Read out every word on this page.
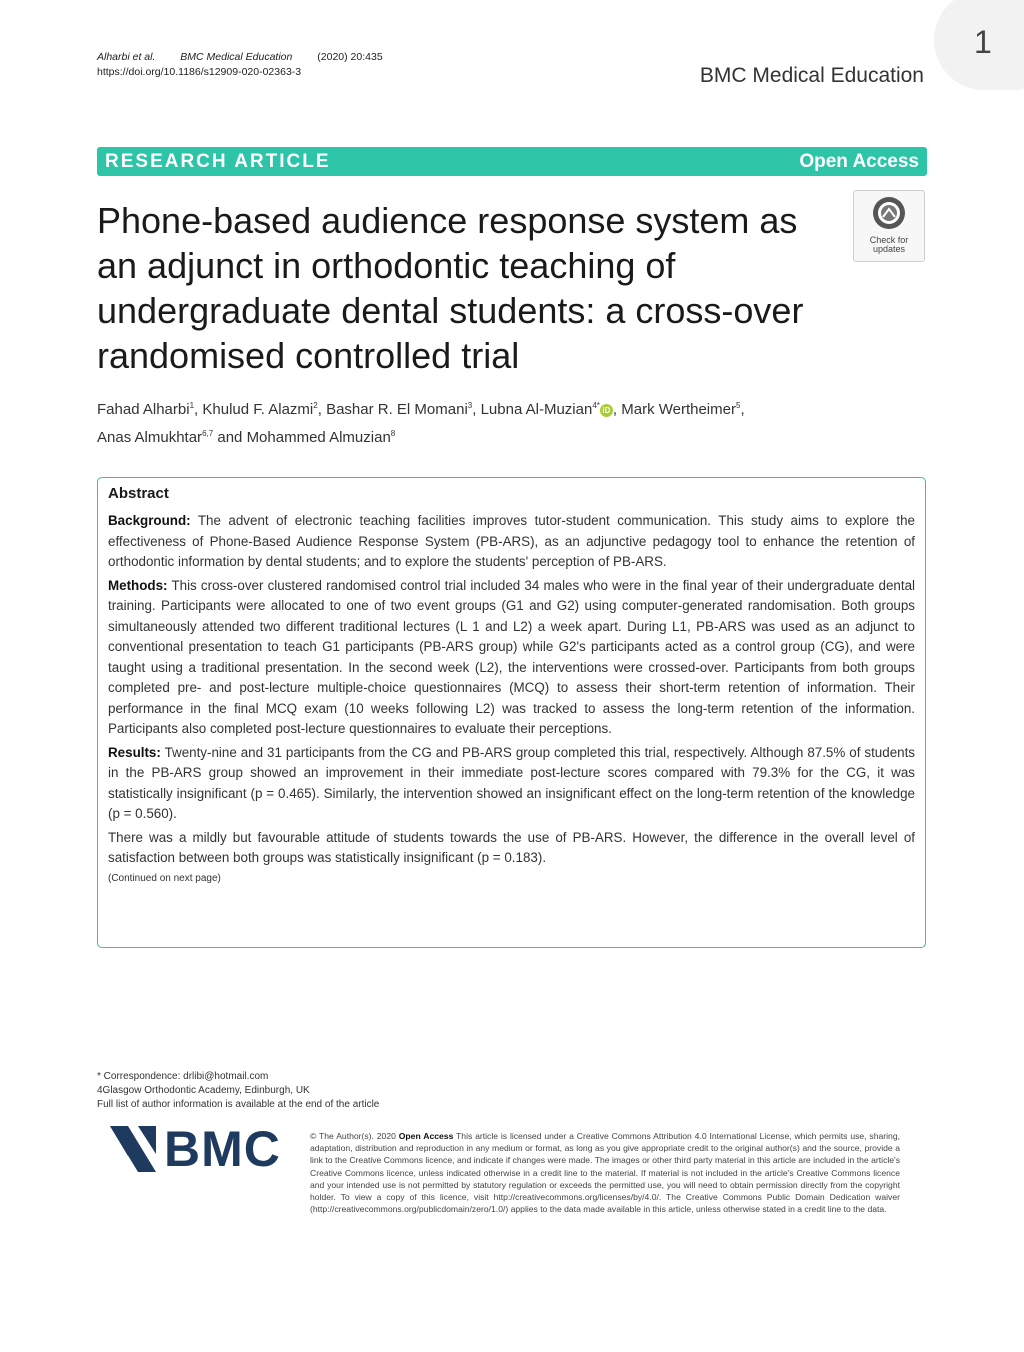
1
Alharbi et al. BMC Medical Education (2020) 20:435
https://doi.org/10.1186/s12909-020-02363-3	BMC Medical Education
RESEARCH ARTICLE	Open Access
Phone-based audience response system as an adjunct in orthodontic teaching of undergraduate dental students: a cross-over randomised controlled trial
Check for
updates
Fahad Alharbi$^1$, Khulud F. Alazmi$^2$, Bashar R. El Momani$^3$, Lubna Al-Muzian$^{4*}$iD , Mark Wertheimer$^5$,
Anas Almukhtar$^{6,7}$ and Mohammed Almuzian$^8$
Abstract

Background: The advent of electronic teaching facilities improves tutor-student communication. This study aims to explore the effectiveness of Phone-Based Audience Response System (PB-ARS), as an adjunctive pedagogy tool to enhance the retention of orthodontic information by dental students; and to explore the students' perception of PB-ARS.

Methods: This cross-over clustered randomised control trial included 34 males who were in the final year of their undergraduate dental training. Participants were allocated to one of two event groups (G1 and G2) using computer-generated randomisation. Both groups simultaneously attended two different traditional lectures (L 1 and L2) a week apart. During L1, PB-ARS was used as an adjunct to conventional presentation to teach G1 participants (PB-ARS group) while G2's participants acted as a control group (CG), and were taught using a traditional presentation. In the second week (L2), the interventions were crossed-over. Participants from both groups completed pre- and post-lecture multiple-choice questionnaires (MCQ) to assess their short-term retention of information. Their performance in the final MCQ exam (10 weeks following L2) was tracked to assess the long-term retention of the information. Participants also completed post-lecture questionnaires to evaluate their perceptions.

Results: Twenty-nine and 31 participants from the CG and PB-ARS group completed this trial, respectively. Although 87.5% of students in the PB-ARS group showed an improvement in their immediate post-lecture scores compared with 79.3% for the CG, it was statistically insignificant (p = 0.465). Similarly, the intervention showed an insignificant effect on the long-term retention of the knowledge (p = 0.560).

There was a mildly but favourable attitude of students towards the use of PB-ARS. However, the difference in the overall level of satisfaction between both groups was statistically insignificant (p = 0.183).

(Continued on next page)
* Correspondence: drlibi@hotmail.com
4Glasgow Orthodontic Academy, Edinburgh, UK
Full list of author information is available at the end of the article
BMC	© The Author(s). 2020 Open Access This article is licensed under a Creative Commons Attribution 4.0 International License, which permits use, sharing, adaptation, distribution and reproduction in any medium or format, as long as you give appropriate credit to the original author(s) and the source, provide a link to the Creative Commons licence, and indicate if changes were made. The images or other third party material in this article are included in the article's Creative Commons licence, unless indicated otherwise in a credit line to the material. If material is not included in the article's Creative Commons licence and your intended use is not permitted by statutory regulation or exceeds the permitted use, you will need to obtain permission directly from the copyright holder. To view a copy of this licence, visit http://creativecommons.org/licenses/by/4.0/. The Creative Commons Public Domain Dedication waiver (http://creativecommons.org/publicdomain/zero/1.0/) applies to the data made available in this article, unless otherwise stated in a credit line to the data.
